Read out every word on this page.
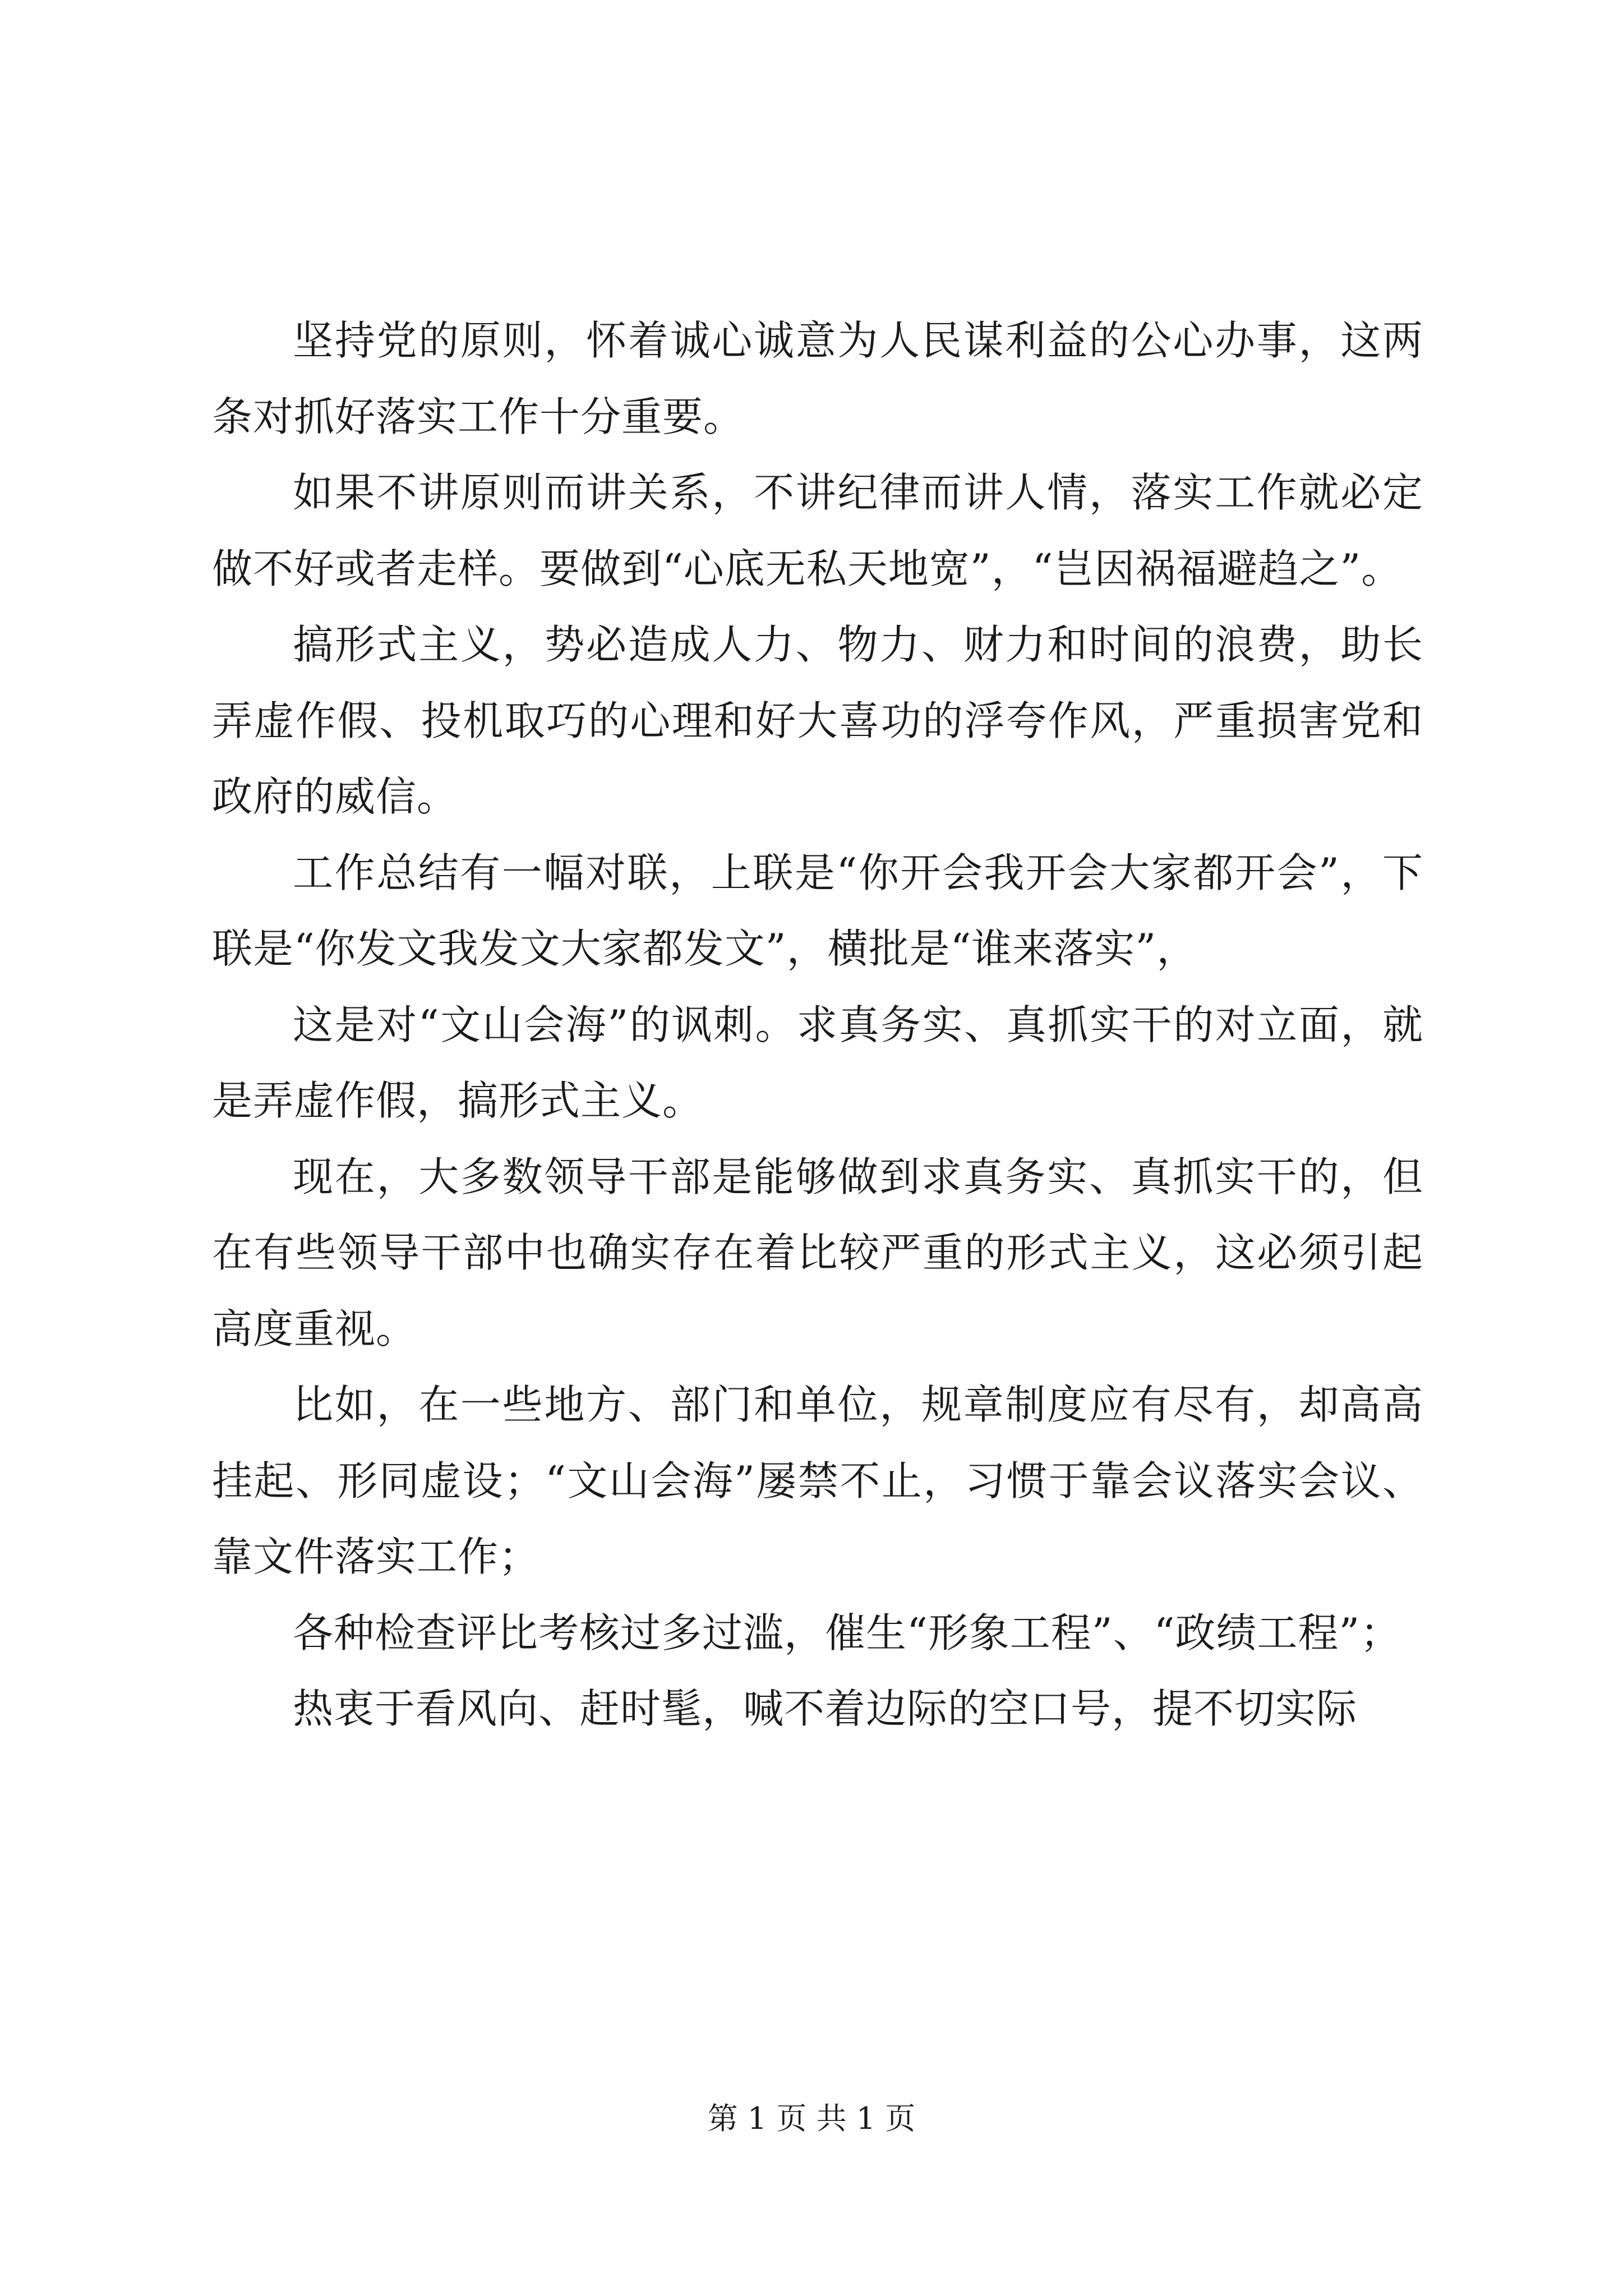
坚持党的原则，怀着诚心诚意为人民谋利益的公心办事，这两条对抓好落实工作十分重要。

如果不讲原则而讲关系，不讲纪律而讲人情，落实工作就必定做不好或者走样。要做到“心底无私天地宽”，“岂因祸福避趋之”。

搞形式主义，势必造成人力、物力、财力和时间的浪费，助长弄虚作假、投机取巧的心理和好大喜功的浮夸作风，严重损害党和政府的威信。

工作总结有一幅对联，上联是“你开会我开会大家都开会”，下联是“你发文我发文大家都发文”，横批是“谁来落实”，

这是对“文山会海”的讽刺。求真务实、真抓实干的对立面，就是弄虚作假，搞形式主义。

现在，大多数领导干部是能够做到求真务实、真抓实干的，但在有些领导干部中也确实存在着比较严重的形式主义，这必须引起高度重视。

比如，在一些地方、部门和单位，规章制度应有尽有，却高高挂起、形同虚设；“文山会海”屡禁不止，习惯于靠会议落实会议、靠文件落实工作；

各种检查评比考核过多过滥，催生“形象工程”、“政绩工程”；

热衷于看风向、赶时髦，喊不着边际的空口号，提不切实际

第 1 页 共 1 页
